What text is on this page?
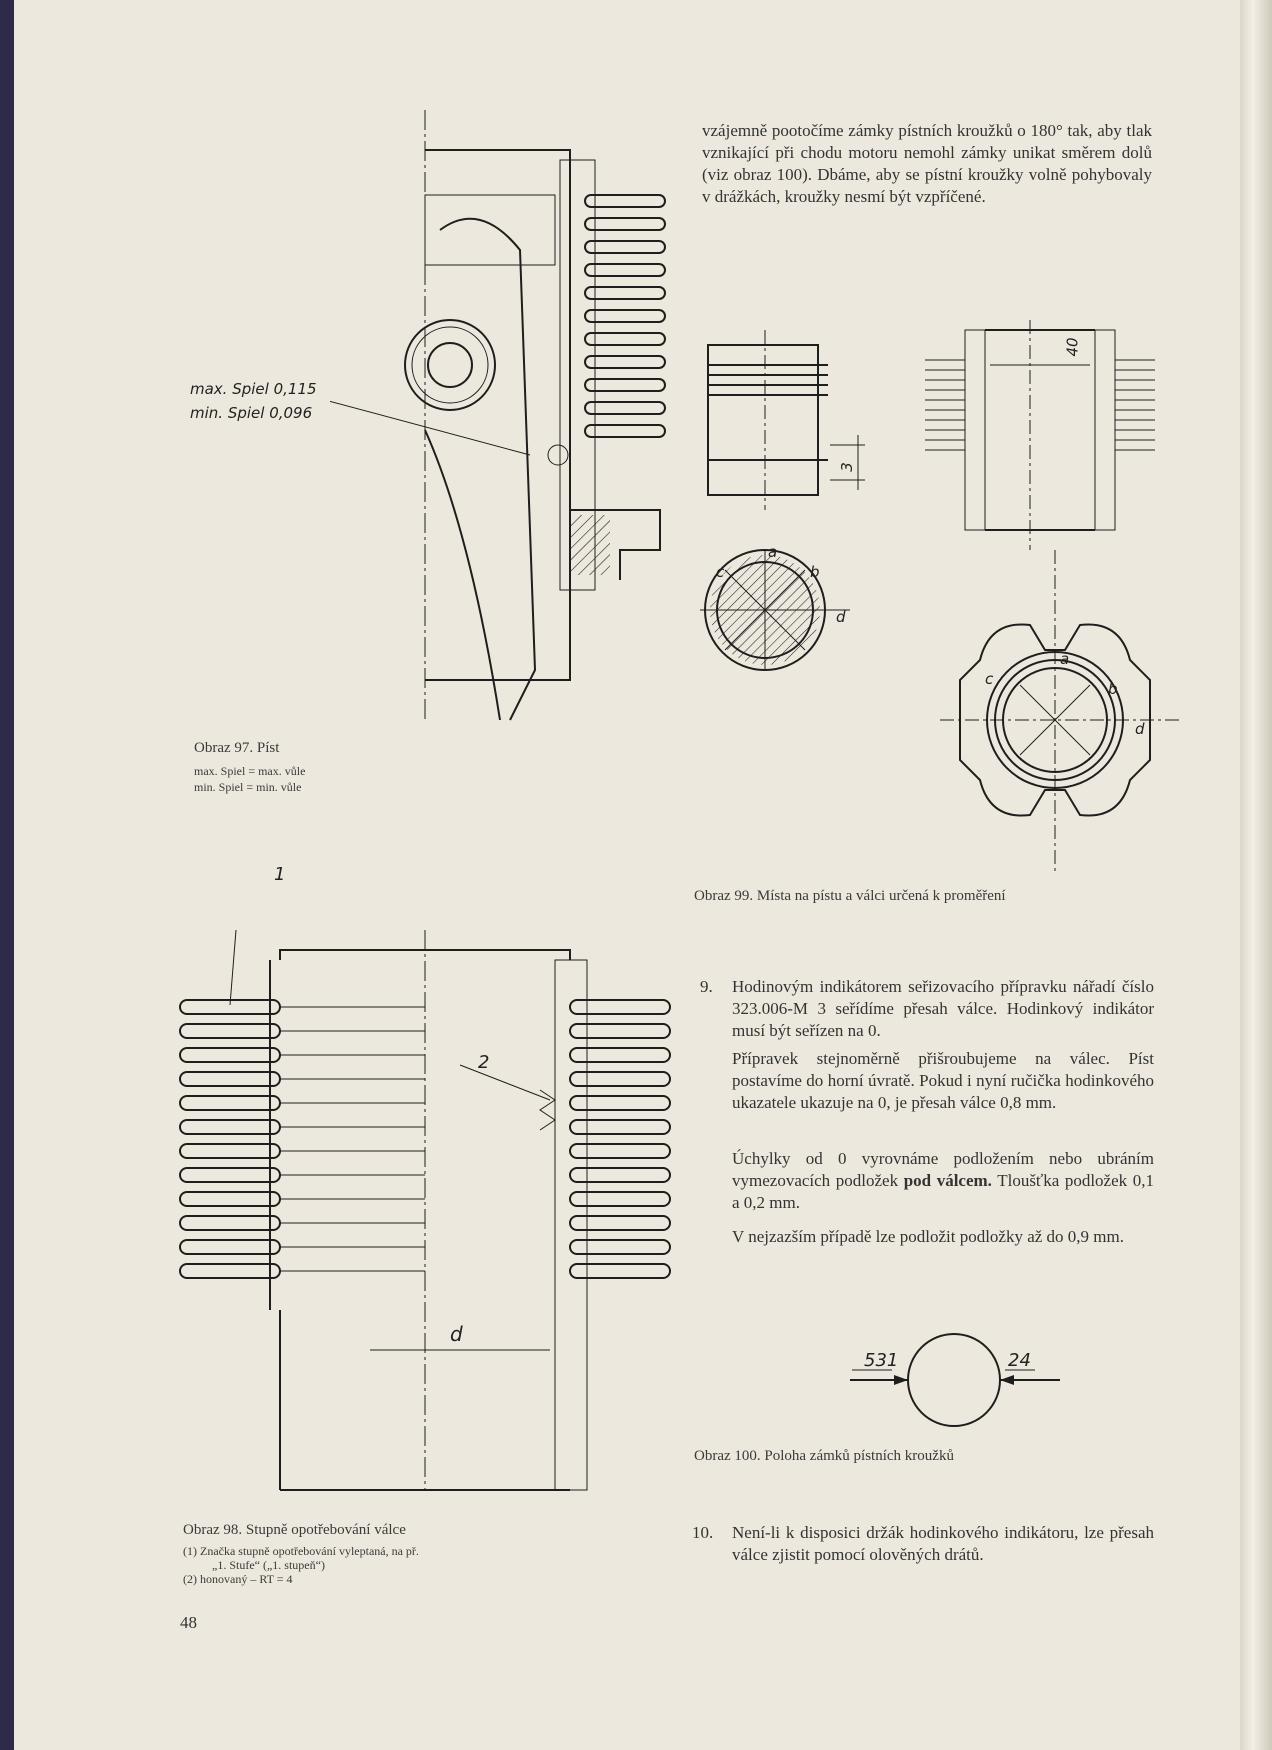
vzájemně pootočíme zámky pístních kroužků o 180° tak, aby tlak vznikající při chodu motoru nemohl zámky unikat směrem dolů (viz obraz 100). Dbáme, aby se pístní kroužky volně pohybovaly v drážkách, kroužky nesmí být vzpříčené.
max. Spiel 0,115
min. Spiel 0,096
Obraz 97. Píst
max. Spiel = max. vůle
min. Spiel = min. vůle
40
3
a
c	b
d
a
c
b
d
Obraz 99. Místa na pístu a válci určená k proměření
1
2
d
Obraz 98. Stupně opotřebování válce
(1) Značka stupně opotřebování vyleptaná, na př.
„1. Stufe“ („1. stupeň“)
(2) honovaný – RT = 4
9. Hodinovým indikátorem seřizovacího přípravku nářadí číslo 323.006-M 3 seřídíme přesah válce. Hodinkový indikátor musí být seřízen na 0.
Přípravek stejnoměrně přišroubujeme na válec. Píst postavíme do horní úvratě. Pokud i nyní ručička hodinkového ukazatele ukazuje na 0, je přesah válce 0,8 mm.
Úchylky od 0 vyrovnáme podložením nebo ubráním vymezovacích podložek pod válcem. Tloušťka podložek 0,1 a 0,2 mm.
V nejzazším případě lze podložit podložky až do 0,9 mm.
531	24
Obraz 100. Poloha zámků pístních kroužků
10. Není-li k disposici držák hodinkového indikátoru, lze přesah válce zjistit pomocí olověných drátů.
48
